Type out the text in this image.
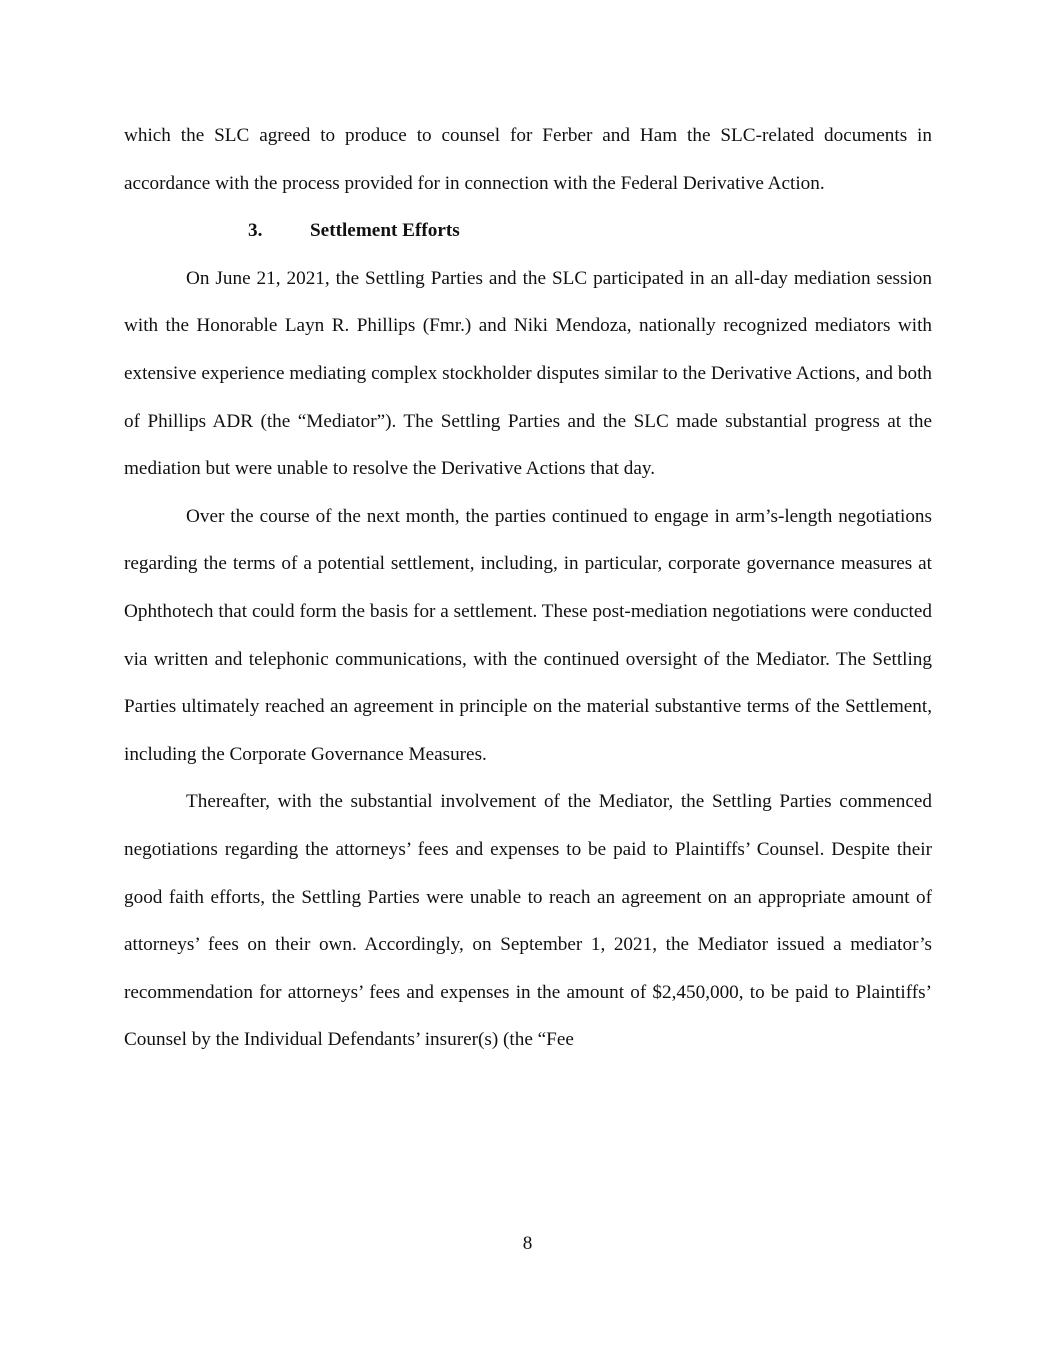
which the SLC agreed to produce to counsel for Ferber and Ham the SLC-related documents in accordance with the process provided for in connection with the Federal Derivative Action.

3.	Settlement Efforts

On June 21, 2021, the Settling Parties and the SLC participated in an all-day mediation session with the Honorable Layn R. Phillips (Fmr.) and Niki Mendoza, nationally recognized mediators with extensive experience mediating complex stockholder disputes similar to the Derivative Actions, and both of Phillips ADR (the “Mediator”). The Settling Parties and the SLC made substantial progress at the mediation but were unable to resolve the Derivative Actions that day.

Over the course of the next month, the parties continued to engage in arm’s-length negotiations regarding the terms of a potential settlement, including, in particular, corporate governance measures at Ophthotech that could form the basis for a settlement. These post-mediation negotiations were conducted via written and telephonic communications, with the continued oversight of the Mediator. The Settling Parties ultimately reached an agreement in principle on the material substantive terms of the Settlement, including the Corporate Governance Measures.

Thereafter, with the substantial involvement of the Mediator, the Settling Parties commenced negotiations regarding the attorneys’ fees and expenses to be paid to Plaintiffs’ Counsel. Despite their good faith efforts, the Settling Parties were unable to reach an agreement on an appropriate amount of attorneys’ fees on their own. Accordingly, on September 1, 2021, the Mediator issued a mediator’s recommendation for attorneys’ fees and expenses in the amount of $2,450,000, to be paid to Plaintiffs’ Counsel by the Individual Defendants’ insurer(s) (the “Fee

8
